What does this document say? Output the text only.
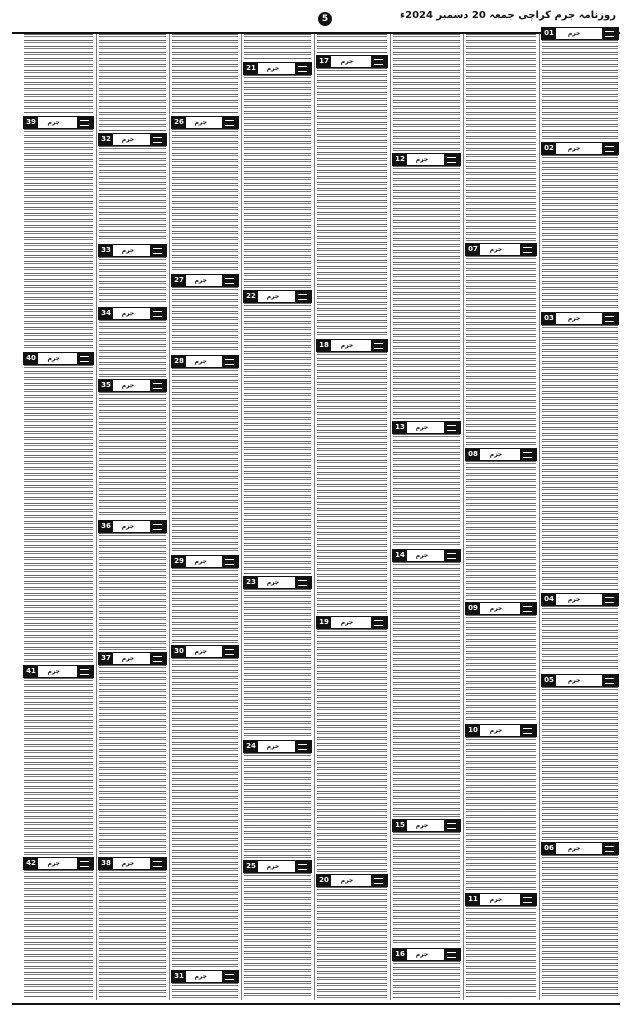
روزنامہ جرم کراچی جمعہ 20 دسمبر 2024ء
5
01	جرم
02	جرم
03	جرم
04	جرم
05	جرم
06	جرم
07	جرم
08	جرم
09	جرم
10	جرم
11	جرم
12	جرم
13	جرم
14	جرم
15	جرم
16	جرم
17	جرم
18	جرم
19	جرم
20	جرم
21	جرم
22	جرم
23	جرم
24	جرم
25	جرم
26	جرم
27	جرم
28	جرم
29	جرم
30	جرم
31	جرم
32	جرم
33	جرم
34	جرم
35	جرم
36	جرم
37	جرم
38	جرم
39	جرم
40	جرم
41	جرم
42	جرم
